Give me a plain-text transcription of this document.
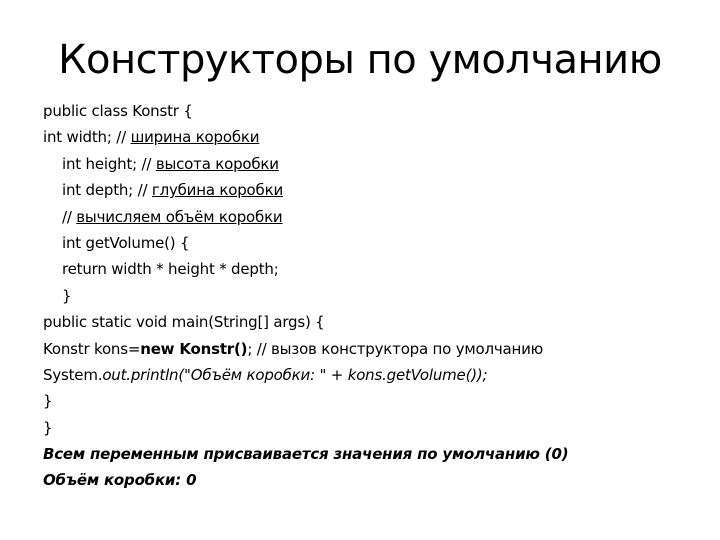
Конструкторы по умолчанию
public class Konstr {
int width; // ширина коробки
int height; // высота коробки
int depth; // глубина коробки
// вычисляем объём коробки
int getVolume() {
return width * height * depth;
}
public static void main(String[] args) {
Konstr kons=new Konstr(); // вызов конструктора по умолчанию
System.out.println("Объём коробки: " + kons.getVolume());
}
}
Всем переменным присваивается значения по умолчанию (0)
Объём коробки: 0
